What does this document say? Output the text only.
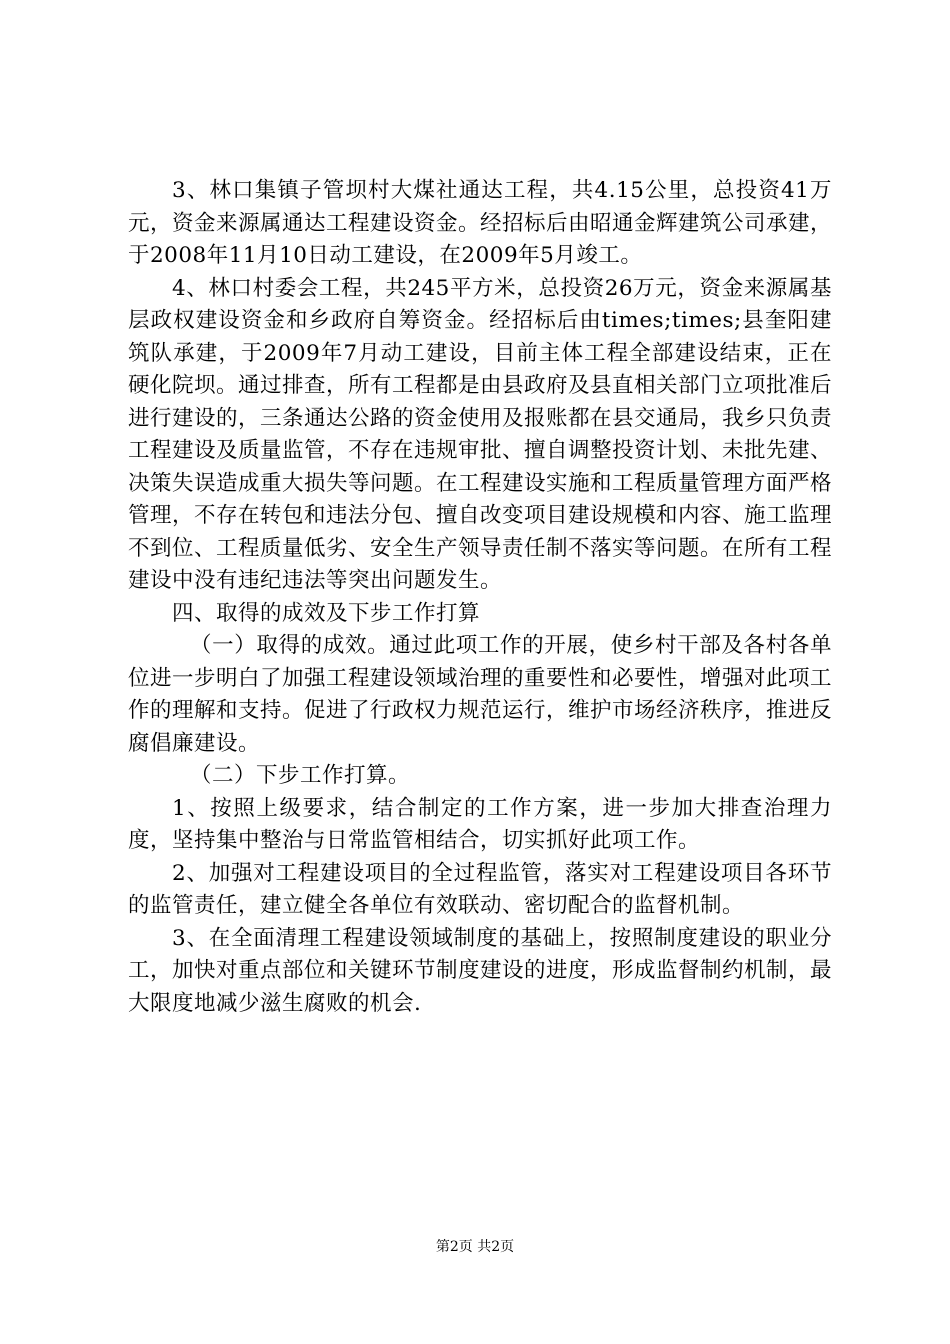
3、林口集镇子管坝村大煤社通达工程，共4.15公里，总投资41万元，资金来源属通达工程建设资金。经招标后由昭通金辉建筑公司承建，于2008年11月10日动工建设，在2009年5月竣工。

4、林口村委会工程，共245平方米，总投资26万元，资金来源属基层政权建设资金和乡政府自筹资金。经招标后由times;times;县奎阳建筑队承建，于2009年7月动工建设，目前主体工程全部建设结束，正在硬化院坝。通过排查，所有工程都是由县政府及县直相关部门立项批准后进行建设的，三条通达公路的资金使用及报账都在县交通局，我乡只负责工程建设及质量监管，不存在违规审批、擅自调整投资计划、未批先建、决策失误造成重大损失等问题。在工程建设实施和工程质量管理方面严格管理，不存在转包和违法分包、擅自改变项目建设规模和内容、施工监理不到位、工程质量低劣、安全生产领导责任制不落实等问题。在所有工程建设中没有违纪违法等突出问题发生。

四、取得的成效及下步工作打算

（一）取得的成效。通过此项工作的开展，使乡村干部及各村各单位进一步明白了加强工程建设领域治理的重要性和必要性，增强对此项工作的理解和支持。促进了行政权力规范运行，维护市场经济秩序，推进反腐倡廉建设。

（二）下步工作打算。

1、按照上级要求，结合制定的工作方案，进一步加大排查治理力度，坚持集中整治与日常监管相结合，切实抓好此项工作。

2、加强对工程建设项目的全过程监管，落实对工程建设项目各环节的监管责任，建立健全各单位有效联动、密切配合的监督机制。

3、在全面清理工程建设领域制度的基础上，按照制度建设的职业分工，加快对重点部位和关键环节制度建设的进度，形成监督制约机制，最大限度地减少滋生腐败的机会.

第2页 共2页
